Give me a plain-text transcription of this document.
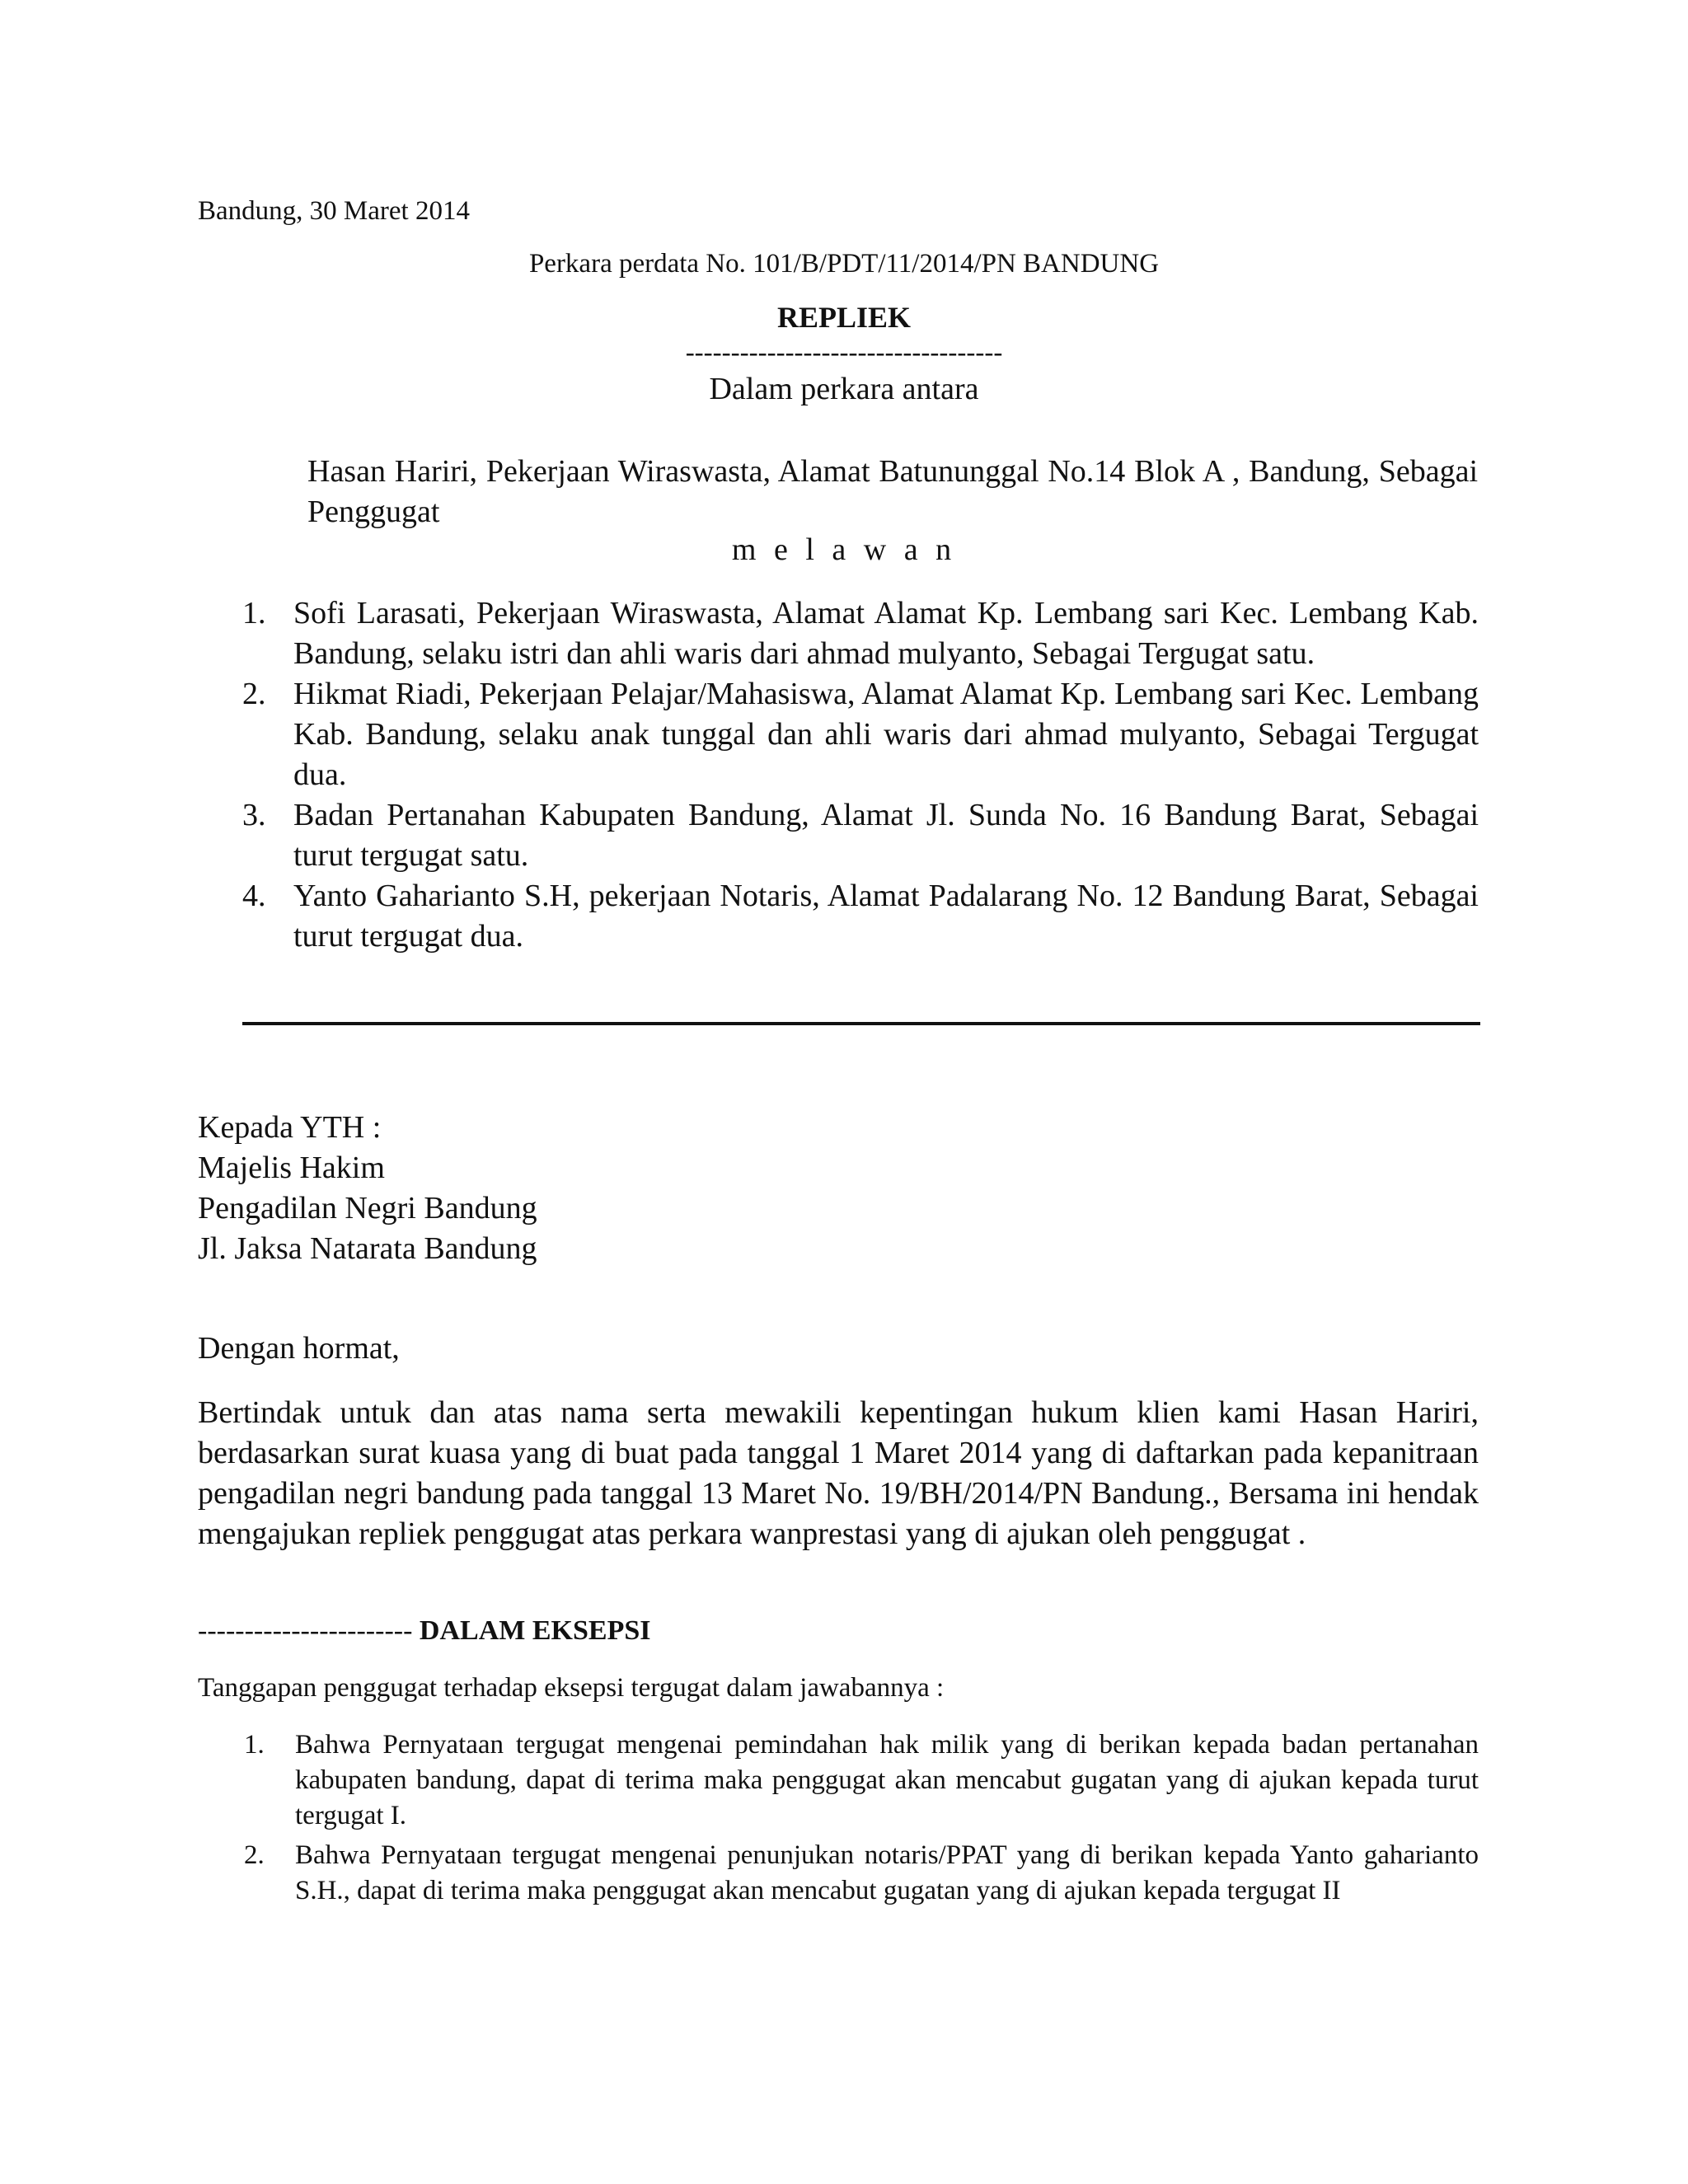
Bandung, 30 Maret 2014

Perkara perdata No. 101/B/PDT/11/2014/PN BANDUNG

REPLIEK

-----------------------------------

Dalam perkara antara

Hasan Hariri, Pekerjaan Wiraswasta, Alamat Batununggal No.14 Blok A , Bandung, Sebagai Penggugat

m e l a w a n

1. Sofi Larasati, Pekerjaan Wiraswasta, Alamat Alamat Kp. Lembang sari Kec. Lembang Kab. Bandung, selaku istri dan ahli waris dari ahmad mulyanto, Sebagai Tergugat satu.
2. Hikmat Riadi, Pekerjaan Pelajar/Mahasiswa, Alamat Alamat Kp. Lembang sari Kec. Lembang Kab. Bandung, selaku anak tunggal dan ahli waris dari ahmad mulyanto, Sebagai Tergugat dua.
3. Badan Pertanahan Kabupaten Bandung, Alamat Jl. Sunda No. 16 Bandung Barat, Sebagai turut tergugat satu.
4. Yanto Gaharianto S.H, pekerjaan Notaris, Alamat Padalarang No. 12 Bandung Barat, Sebagai turut tergugat dua.
Kepada YTH :
Majelis Hakim
Pengadilan Negri Bandung
Jl. Jaksa Natarata Bandung

Dengan hormat,

Bertindak untuk dan atas nama serta mewakili kepentingan hukum klien kami Hasan Hariri, berdasarkan surat kuasa yang di buat pada tanggal 1 Maret 2014 yang di daftarkan pada kepanitraan pengadilan negri bandung pada tanggal 13 Maret No. 19/BH/2014/PN Bandung., Bersama ini hendak mengajukan repliek penggugat atas perkara wanprestasi yang di ajukan oleh penggugat .

----------------------- DALAM EKSEPSI

Tanggapan penggugat terhadap eksepsi tergugat dalam jawabannya :

1. Bahwa Pernyataan tergugat mengenai pemindahan hak milik yang di berikan kepada badan pertanahan kabupaten bandung, dapat di terima maka penggugat akan mencabut gugatan yang di ajukan kepada turut tergugat I.
2. Bahwa Pernyataan tergugat mengenai penunjukan notaris/PPAT yang di berikan kepada Yanto gaharianto S.H., dapat di terima maka penggugat akan mencabut gugatan yang di ajukan kepada tergugat II
